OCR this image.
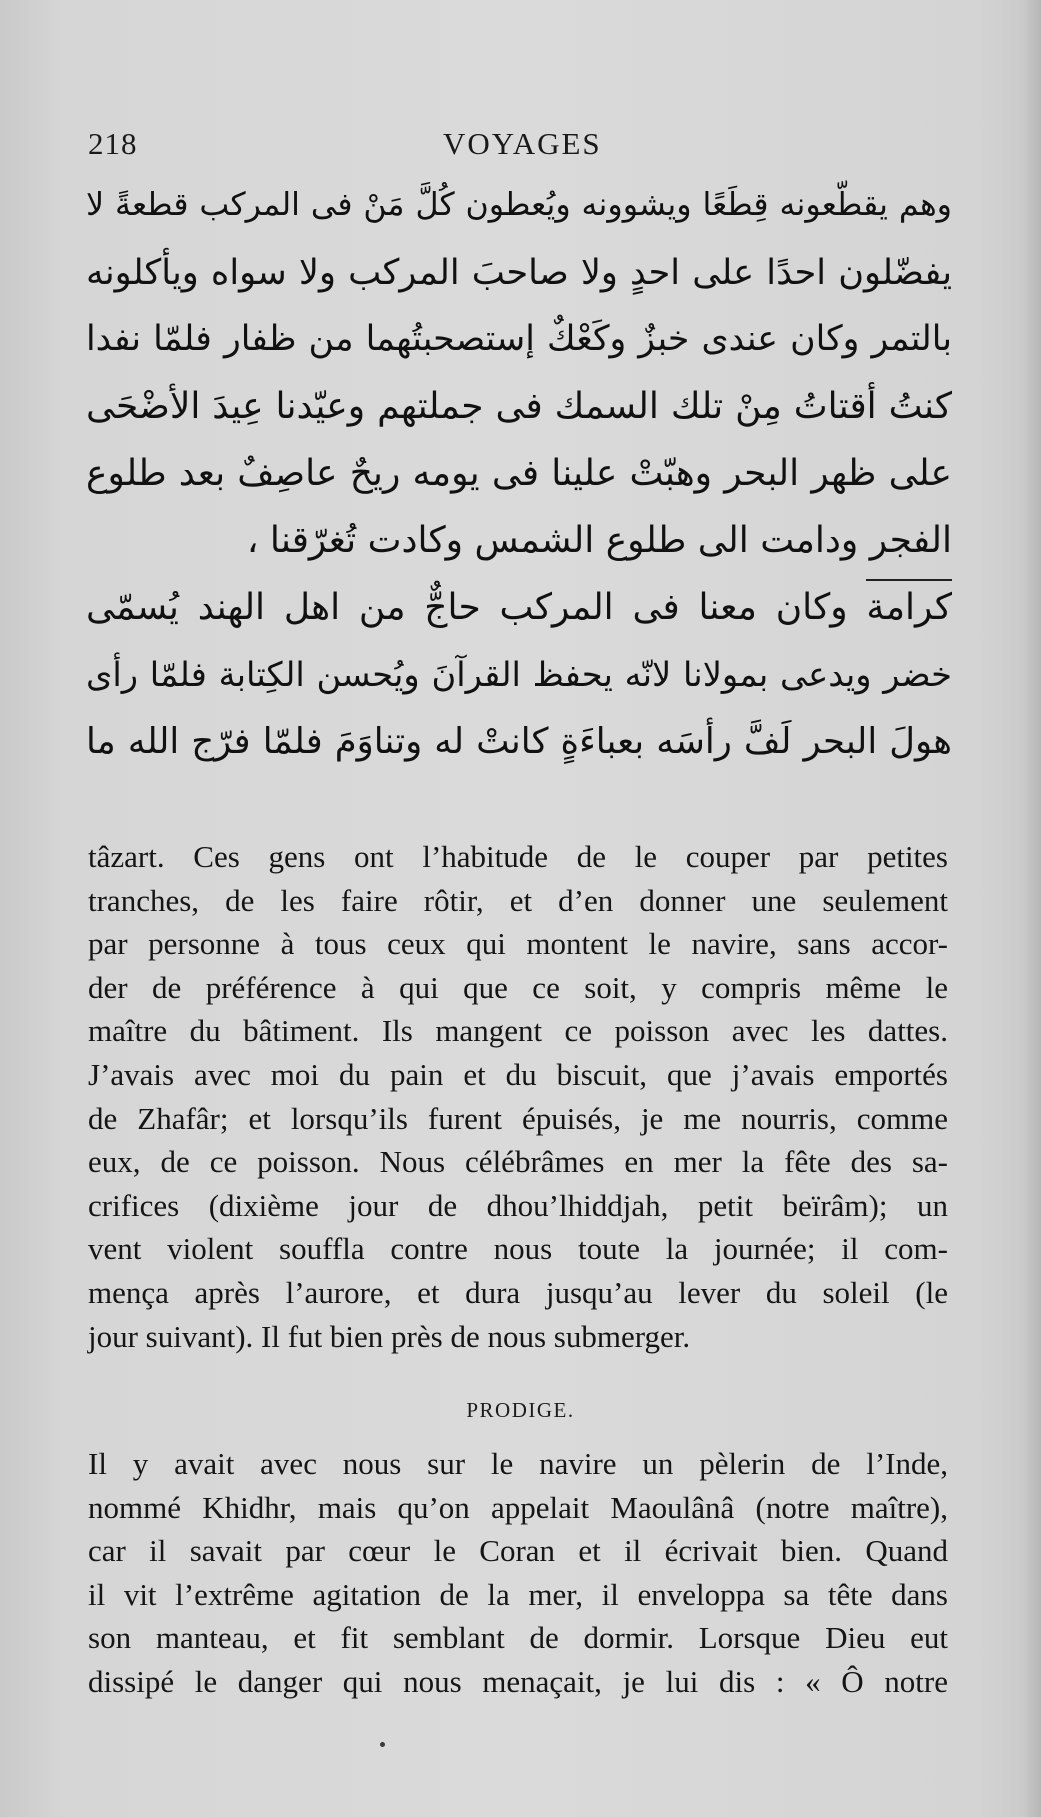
218	VOYAGES
وهم يقطّعونه قِطَعًا ويشوونه ويُعطون كُلَّ مَنْ فى المركب قطعةً لا
يفضّلون احدًا على احدٍ ولا صاحبَ المركب ولا سواه ويأكلونه
بالتمر وكان عندى خبزٌ وكَعْكٌ إستصحبتُهما من ظفار فلمّا نفدا
كنتُ أقتاتُ مِنْ تلك السمك فى جملتهم وعيّدنا عِيدَ الأضْحَى
على ظهر البحر وهبّتْ علينا فى يومه ريحٌ عاصِفٌ بعد طلوع
الفجر ودامت الى طلوع الشمس وكادت تُغرّقنا ،
كرامة وكان معنا فى المركب حاجٌّ من اهل الهند يُسمّى
خضر ويدعى بمولانا لانّه يحفظ القرآنَ ويُحسن الكِتابة فلمّا رأى
هولَ البحر لَفَّ رأسَه بعباءَةٍ كانتْ له وتناوَمَ فلمّا فرّج الله ما
tâzart. Ces gens ont l’habitude de le couper par petites
tranches, de les faire rôtir, et d’en donner une seulement
par personne à tous ceux qui montent le navire, sans accor-
der de préférence à qui que ce soit, y compris même le
maître du bâtiment. Ils mangent ce poisson avec les dattes.
J’avais avec moi du pain et du biscuit, que j’avais emportés
de Zhafâr; et lorsqu’ils furent épuisés, je me nourris, comme
eux, de ce poisson. Nous célébrâmes en mer la fête des sa-
crifices (dixième jour de dhou’lhiddjah, petit beïrâm); un
vent violent souffla contre nous toute la journée; il com-
mença après l’aurore, et dura jusqu’au lever du soleil (le
jour suivant). Il fut bien près de nous submerger.
PRODIGE.
Il y avait avec nous sur le navire un pèlerin de l’Inde,
nommé Khidhr, mais qu’on appelait Maoulânâ (notre maître),
car il savait par cœur le Coran et il écrivait bien. Quand
il vit l’extrême agitation de la mer, il enveloppa sa tête dans
son manteau, et fit semblant de dormir. Lorsque Dieu eut
dissipé le danger qui nous menaçait, je lui dis : « Ô notre
